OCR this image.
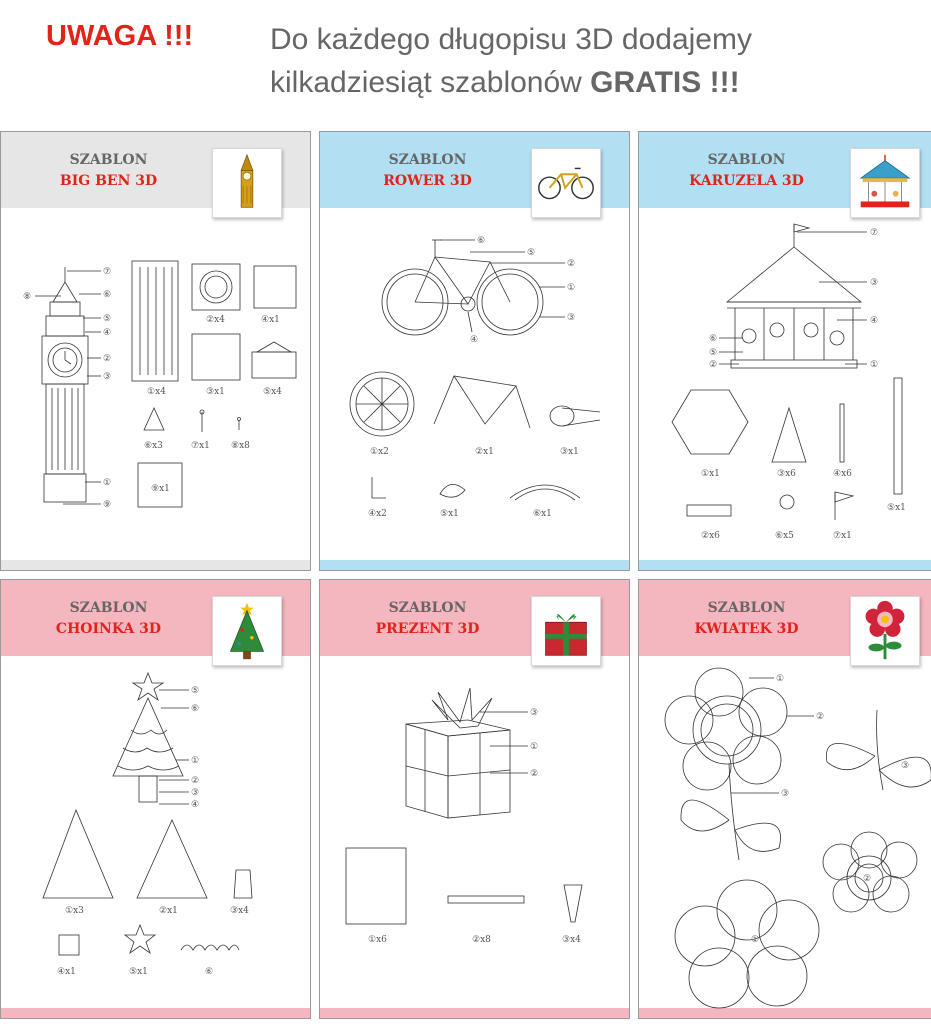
UWAGA !!!	Do każdego długopisu 3D dodajemy
kilkadziesiąt szablonów GRATIS !!!
SZABLON
BIG BEN 3D
⑦
⑧	⑥
⑤
④
②
③
①
⑨
①x4
②x4	④x1
③x1	⑤x4
⑥x3	⑦x1 ⑧x8
⑨x1
SZABLON
ROWER 3D
⑥
⑤
②
①
③
④
①x2	②x1	③x1
④x2	⑤x1	⑥x1
SZABLON
KARUZELA 3D
⑦
③
④
⑥
⑤
②	①
①x1	③x6	④x6
⑤x1
②x6	⑥x5	⑦x1
SZABLON
CHOINKA 3D
⑤
⑥
①
②
③
④
①x3	②x1	③x4
④x1	⑤x1	⑥
SZABLON
PREZENT 3D
③
①
②
①x6	②x8	③x4
SZABLON
KWIATEK 3D
①
②
③
③
②
①
